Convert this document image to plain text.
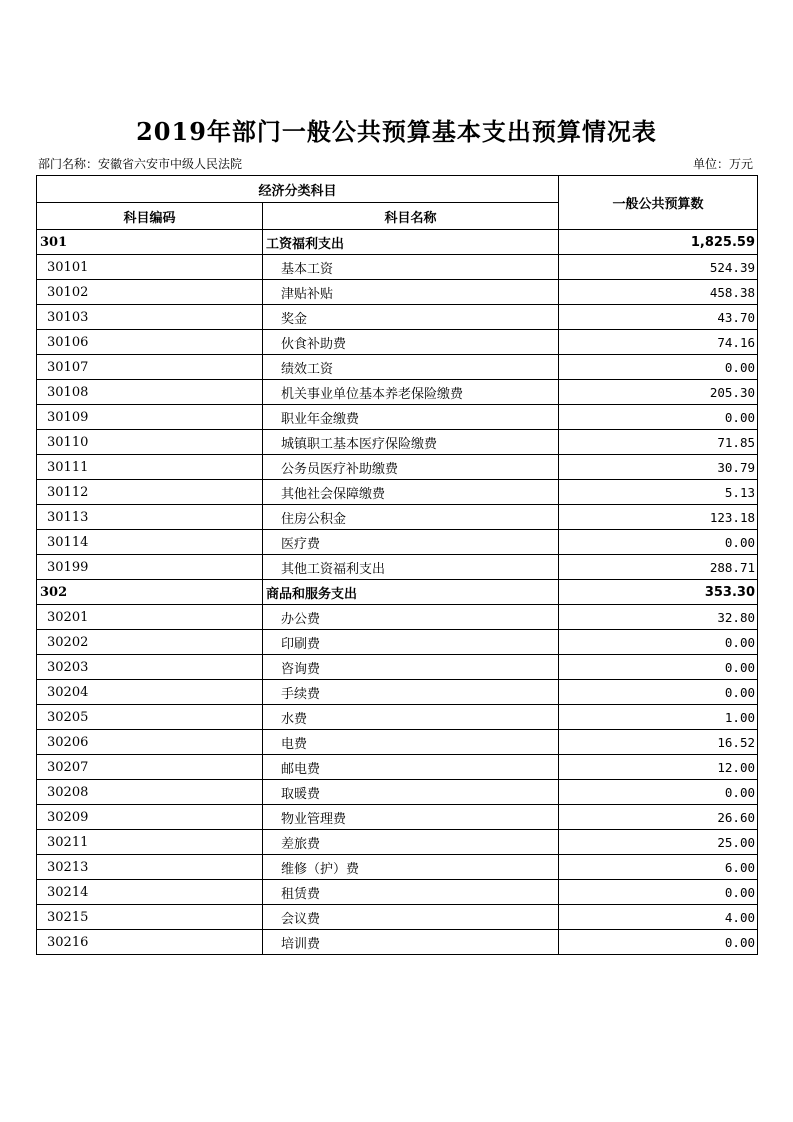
2019年部门一般公共预算基本支出预算情况表
部门名称：安徽省六安市中级人民法院	单位：万元
经济分类科目		一般公共预算数
科目编码	科目名称	
301	工资福利支出	1,825.59
30101	基本工资	524.39
30102	津贴补贴	458.38
30103	奖金	43.70
30106	伙食补助费	74.16
30107	绩效工资	0.00
30108	机关事业单位基本养老保险缴费	205.30
30109	职业年金缴费	0.00
30110	城镇职工基本医疗保险缴费	71.85
30111	公务员医疗补助缴费	30.79
30112	其他社会保障缴费	5.13
30113	住房公积金	123.18
30114	医疗费	0.00
30199	其他工资福利支出	288.71
302	商品和服务支出	353.30
30201	办公费	32.80
30202	印刷费	0.00
30203	咨询费	0.00
30204	手续费	0.00
30205	水费	1.00
30206	电费	16.52
30207	邮电费	12.00
30208	取暖费	0.00
30209	物业管理费	26.60
30211	差旅费	25.00
30213	维修（护）费	6.00
30214	租赁费	0.00
30215	会议费	4.00
30216	培训费	0.00
